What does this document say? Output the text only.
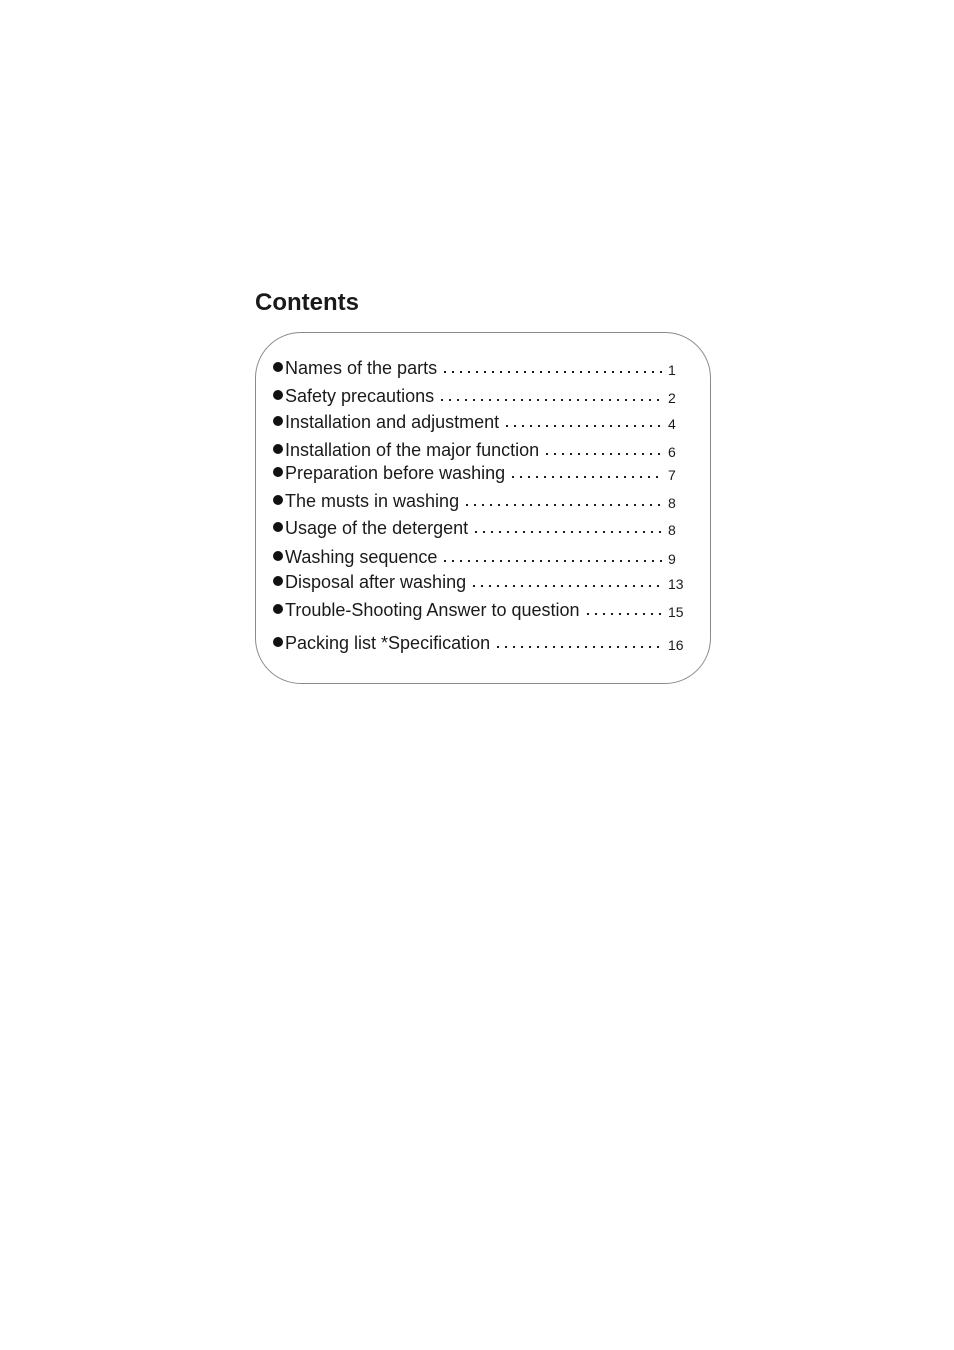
Contents
Names of the parts	1
Safety precautions	2
Installation and adjustment	4
Installation of the major function	6
Preparation before washing	7
The musts in washing	8
Usage of the detergent	8
Washing sequence	9
Disposal after washing	13
Trouble-Shooting Answer to question	15
Packing list *Specification	16
